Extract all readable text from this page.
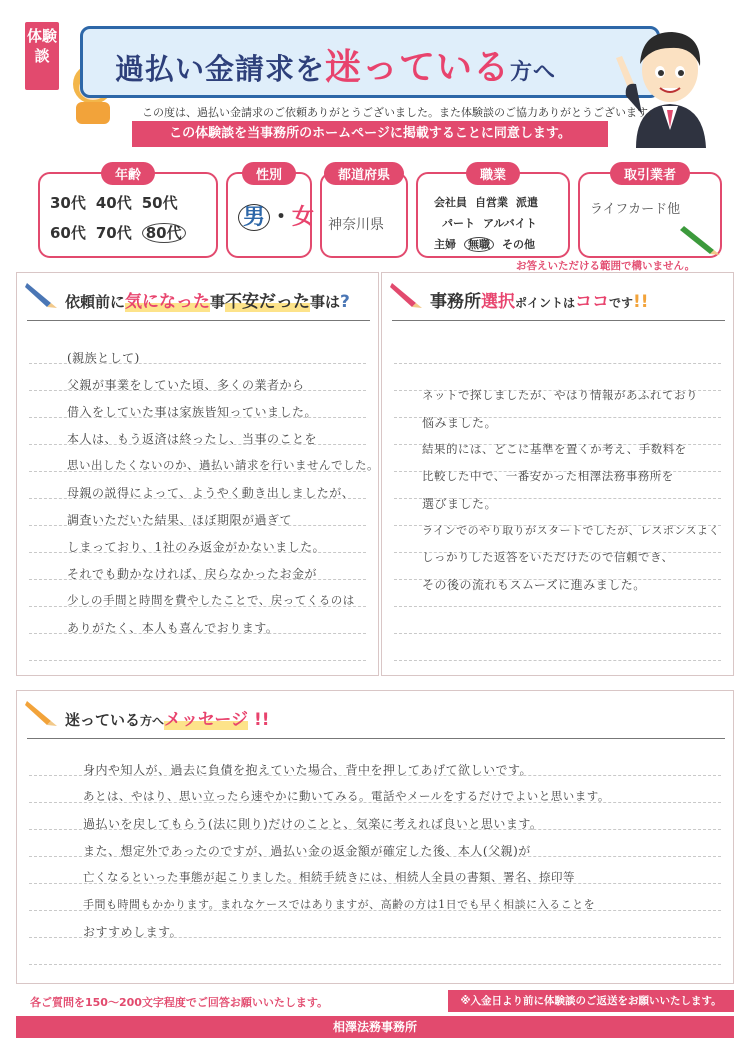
体験談	過払い金請求を迷っている方へ
この度は、過払い金請求のご依頼ありがとうございました。また体験談のご協力ありがとうございます。
この体験談を当事務所のホームページに掲載することに同意します。
年齢
30代 40代 50代
60代 70代 80代
性別
男 ・女
都道府県
神奈川県
職業
会社員 自営業 派遣
パート アルバイト
主婦 無職 その他
取引業者
ライフカード他
お答えいただける範囲で構いません。
依頼前に気になった事不安だった事は?
(親族として)
父親が事業をしていた頃、多くの業者から
借入をしていた事は家族皆知っていました。
本人は、もう返済は終ったし、当事のことを
思い出したくないのか、過払い請求を行いませんでした。
母親の説得によって、ようやく動き出しましたが、
調査いただいた結果、ほぼ期限が過ぎて
しまっており、1社のみ返金がかないました。
それでも動かなければ、戻らなかったお金が
少しの手間と時間を費やしたことで、戻ってくるのは
ありがたく、本人も喜んでおります。
事務所選択ポイントはココです!!
ネットで探しましたが、やはり情報があふれており
悩みました。
結果的には、どこに基準を置くか考え、手数料を
比較した中で、一番安かった相澤法務事務所を
選びました。
ラインでのやり取りがスタートでしたが、レスポンスよく
しっかりした返答をいただけたので信頼でき、
その後の流れもスムーズに進みました。
迷っている方へメッセージ !!
身内や知人が、過去に負債を抱えていた場合、背中を押してあげて欲しいです。
あとは、やはり、思い立ったら速やかに動いてみる。電話やメールをするだけでよいと思います。
過払いを戻してもらう(法に則り)だけのことと、気楽に考えれば良いと思います。
また、想定外であったのですが、過払い金の返金額が確定した後、本人(父親)が
亡くなるといった事態が起こりました。相続手続きには、相続人全員の書類、署名、捺印等
手間も時間もかかります。まれなケースではありますが、高齢の方は1日でも早く相談に入ることを
おすすめします。
各ご質問を150〜200文字程度でご回答お願いいたします。	※入金日より前に体験談のご返送をお願いいたします。
相澤法務事務所
